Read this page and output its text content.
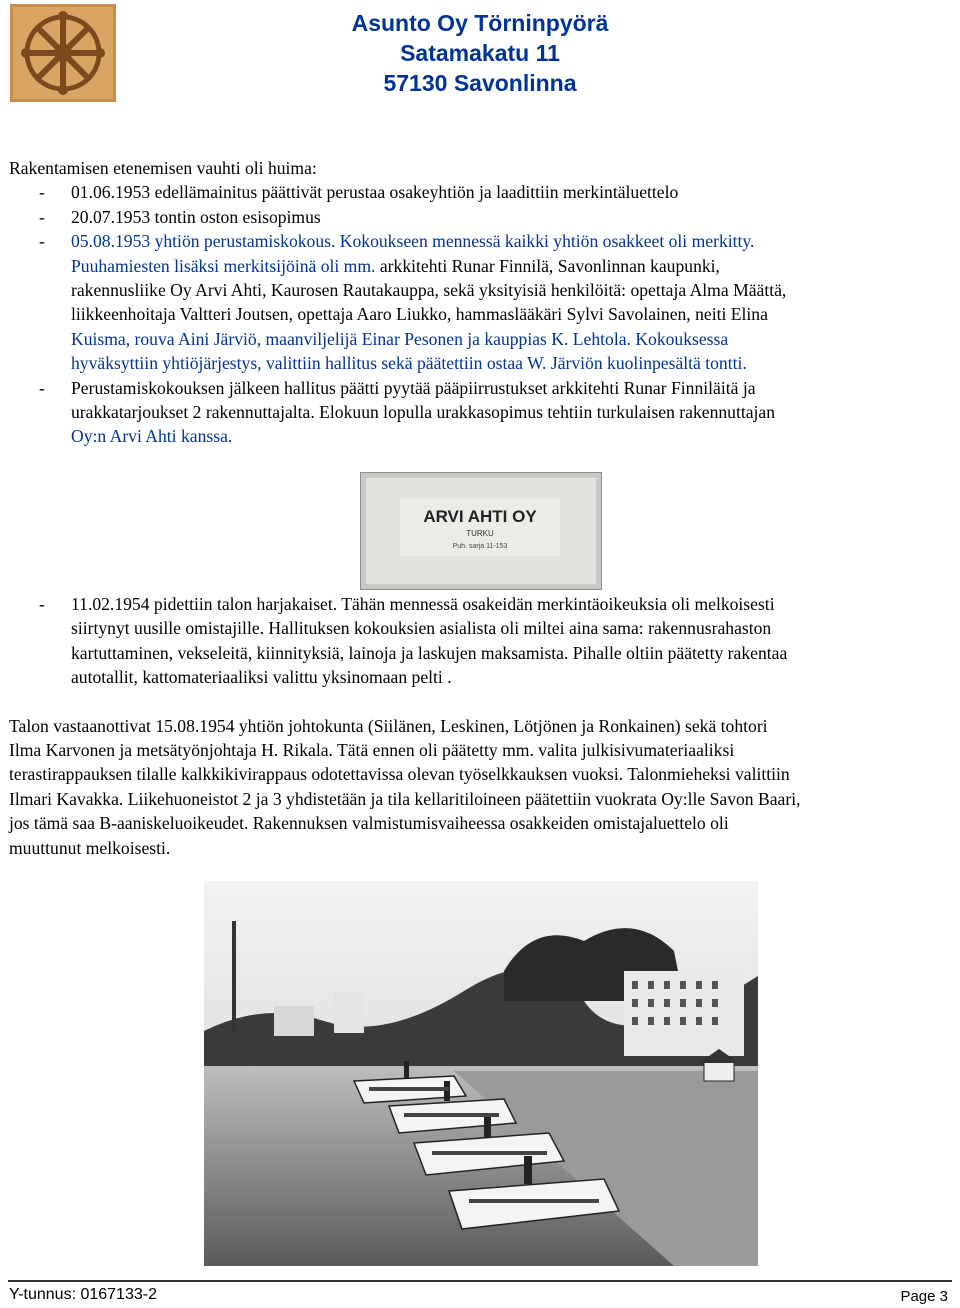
Asunto Oy Törninpyörä
Satamakatu 11
57130 Savonlinna
Rakentamisen etenemisen vauhti oli huima:
-	01.06.1953 edellämainitus päättivät perustaa osakeyhtiön ja laadittiin merkintäluettelo
-	20.07.1953 tontin oston esisopimus
-	05.08.1953 yhtiön perustamiskokous. Kokoukseen mennessä kaikki yhtiön osakkeet oli merkitty.
Puuhamiesten lisäksi merkitsijöinä oli mm. arkkitehti Runar Finnilä, Savonlinnan kaupunki,
rakennusliike Oy Arvi Ahti, Kaurosen Rautakauppa, sekä yksityisiä henkilöitä: opettaja Alma Määttä,
liikkeenhoitaja Valtteri Joutsen, opettaja Aaro Liukko, hammaslääkäri Sylvi Savolainen, neiti Elina
Kuisma, rouva Aini Järviö, maanviljelijä Einar Pesonen ja kauppias K. Lehtola. Kokouksessa
hyväksyttiin yhtiöjärjestys, valittiin hallitus sekä päätettiin ostaa W. Järviön kuolinpesältä tontti.
-	Perustamiskokouksen jälkeen hallitus päätti pyytää pääpiirrustukset arkkitehti Runar Finniläitä ja
urakkatarjoukset 2 rakennuttajalta. Elokuun lopulla urakkasopimus tehtiin turkulaisen rakennuttajan
Oy:n Arvi Ahti kanssa.
ARVI AHTI OY
TURKU
Puh. sarja 11-153
-	11.02.1954 pidettiin talon harjakaiset. Tähän mennessä osakeidän merkintäoikeuksia oli melkoisesti
siirtynyt uusille omistajille. Hallituksen kokouksien asialista oli miltei aina sama: rakennusrahaston
kartuttaminen, vekseleitä, kiinnityksiä, lainoja ja laskujen maksamista. Pihalle oltiin päätetty rakentaa
autotallit, kattomateriaaliksi valittu yksinomaan pelti .
Talon vastaanottivat 15.08.1954 yhtiön johtokunta (Siilänen, Leskinen, Lötjönen ja Ronkainen) sekä tohtori
Ilma Karvonen ja metsätyönjohtaja H. Rikala. Tätä ennen oli päätetty mm. valita julkisivumateriaaliksi
terastirappauksen tilalle kalkkikivirappaus odotettavissa olevan työselkkauksen vuoksi. Talonmieheksi valittiin
Ilmari Kavakka. Liikehuoneistot 2 ja 3 yhdistetään ja tila kellaritiloineen päätettiin vuokrata Oy:lle Savon Baari,
jos tämä saa B-aaniskeluoikeudet. Rakennuksen valmistumisvaiheessa osakkeiden omistajaluettelo oli
muuttunut melkoisesti.
Y-tunnus: 0167133-2	Page 3
